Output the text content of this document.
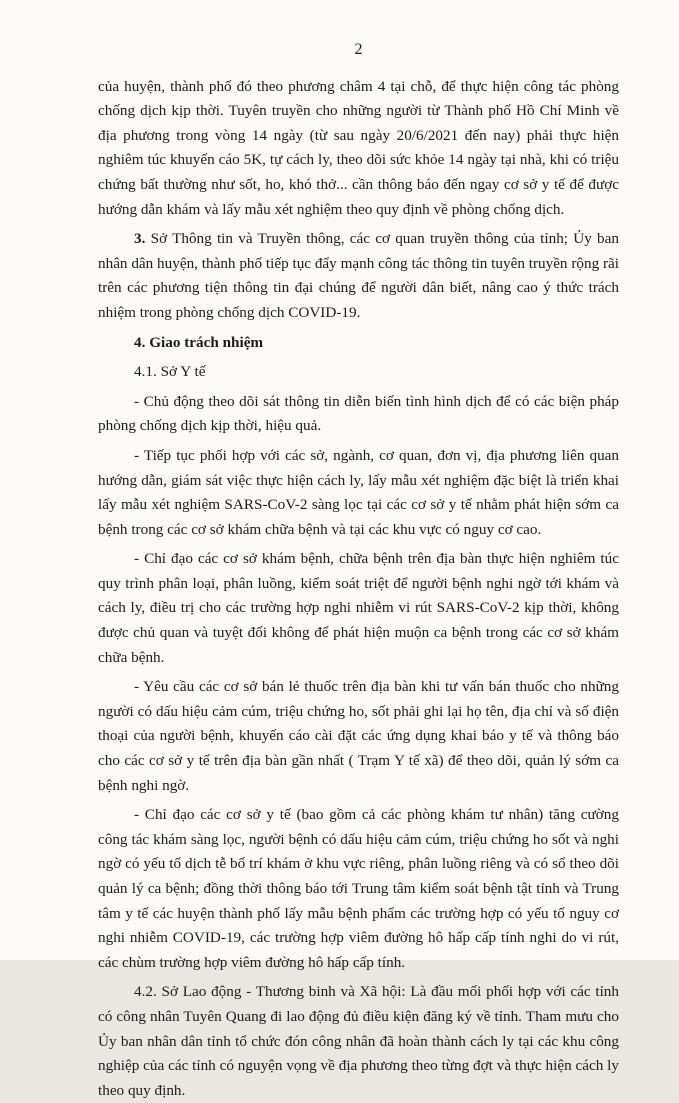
2

của huyện, thành phố đó theo phương châm 4 tại chỗ, để thực hiện công tác phòng chống dịch kịp thời. Tuyên truyền cho những người từ Thành phố Hồ Chí Minh về địa phương trong vòng 14 ngày (từ sau ngày 20/6/2021 đến nay) phải thực hiện nghiêm túc khuyến cáo 5K, tự cách ly, theo dõi sức khỏe 14 ngày tại nhà, khi có triệu chứng bất thường như sốt, ho, khó thở... cần thông báo đến ngay cơ sở y tế để được hướng dẫn khám và lấy mẫu xét nghiệm theo quy định về phòng chống dịch.

3. Sở Thông tin và Truyền thông, các cơ quan truyền thông của tỉnh; Ủy ban nhân dân huyện, thành phố tiếp tục đẩy mạnh công tác thông tin tuyên truyền rộng rãi trên các phương tiện thông tin đại chúng để người dân biết, nâng cao ý thức trách nhiệm trong phòng chống dịch COVID-19.

4. Giao trách nhiệm

4.1. Sở Y tế

- Chủ động theo dõi sát thông tin diễn biến tình hình dịch để có các biện pháp phòng chống dịch kịp thời, hiệu quả.

- Tiếp tục phối hợp với các sở, ngành, cơ quan, đơn vị, địa phương liên quan hướng dẫn, giám sát việc thực hiện cách ly, lấy mẫu xét nghiệm đặc biệt là triển khai lấy mẫu xét nghiệm SARS-CoV-2 sàng lọc tại các cơ sở y tế nhằm phát hiện sớm ca bệnh trong các cơ sở khám chữa bệnh và tại các khu vực có nguy cơ cao.

- Chỉ đạo các cơ sở khám bệnh, chữa bệnh trên địa bàn thực hiện nghiêm túc quy trình phân loại, phân luồng, kiểm soát triệt để người bệnh nghi ngờ tới khám và cách ly, điều trị cho các trường hợp nghi nhiễm vi rút SARS-CoV-2 kịp thời, không được chủ quan và tuyệt đối không để phát hiện muộn ca bệnh trong các cơ sở khám chữa bệnh.

- Yêu cầu các cơ sở bán lẻ thuốc trên địa bàn khi tư vấn bán thuốc cho những người có dấu hiệu cảm cúm, triệu chứng ho, sốt phải ghi lại họ tên, địa chỉ và số điện thoại của người bệnh, khuyến cáo cài đặt các ứng dụng khai báo y tế và thông báo cho các cơ sở y tế trên địa bàn gần nhất ( Trạm Y tế xã) để theo dõi, quản lý sớm ca bệnh nghi ngờ.

- Chỉ đạo các cơ sở y tế (bao gồm cả các phòng khám tư nhân) tăng cường công tác khám sàng lọc, người bệnh có dấu hiệu cảm cúm, triệu chứng ho sốt và nghi ngờ có yếu tố dịch tễ bố trí khám ở khu vực riêng, phân luồng riêng và có sổ theo dõi quản lý ca bệnh; đồng thời thông báo tới Trung tâm kiểm soát bệnh tật tỉnh và Trung tâm y tế các huyện thành phố lấy mẫu bệnh phẩm các trường hợp có yếu tố nguy cơ nghi nhiễm COVID-19, các trường hợp viêm đường hô hấp cấp tính nghi do vi rút, các chùm trường hợp viêm đường hô hấp cấp tính.

4.2. Sở Lao động - Thương binh và Xã hội: Là đầu mối phối hợp với các tỉnh có công nhân Tuyên Quang đi lao động đủ điều kiện đăng ký về tỉnh. Tham mưu cho Ủy ban nhân dân tỉnh tổ chức đón công nhân đã hoàn thành cách ly tại các khu công nghiệp của các tỉnh có nguyện vọng về địa phương theo từng đợt và thực hiện cách ly theo quy định.
